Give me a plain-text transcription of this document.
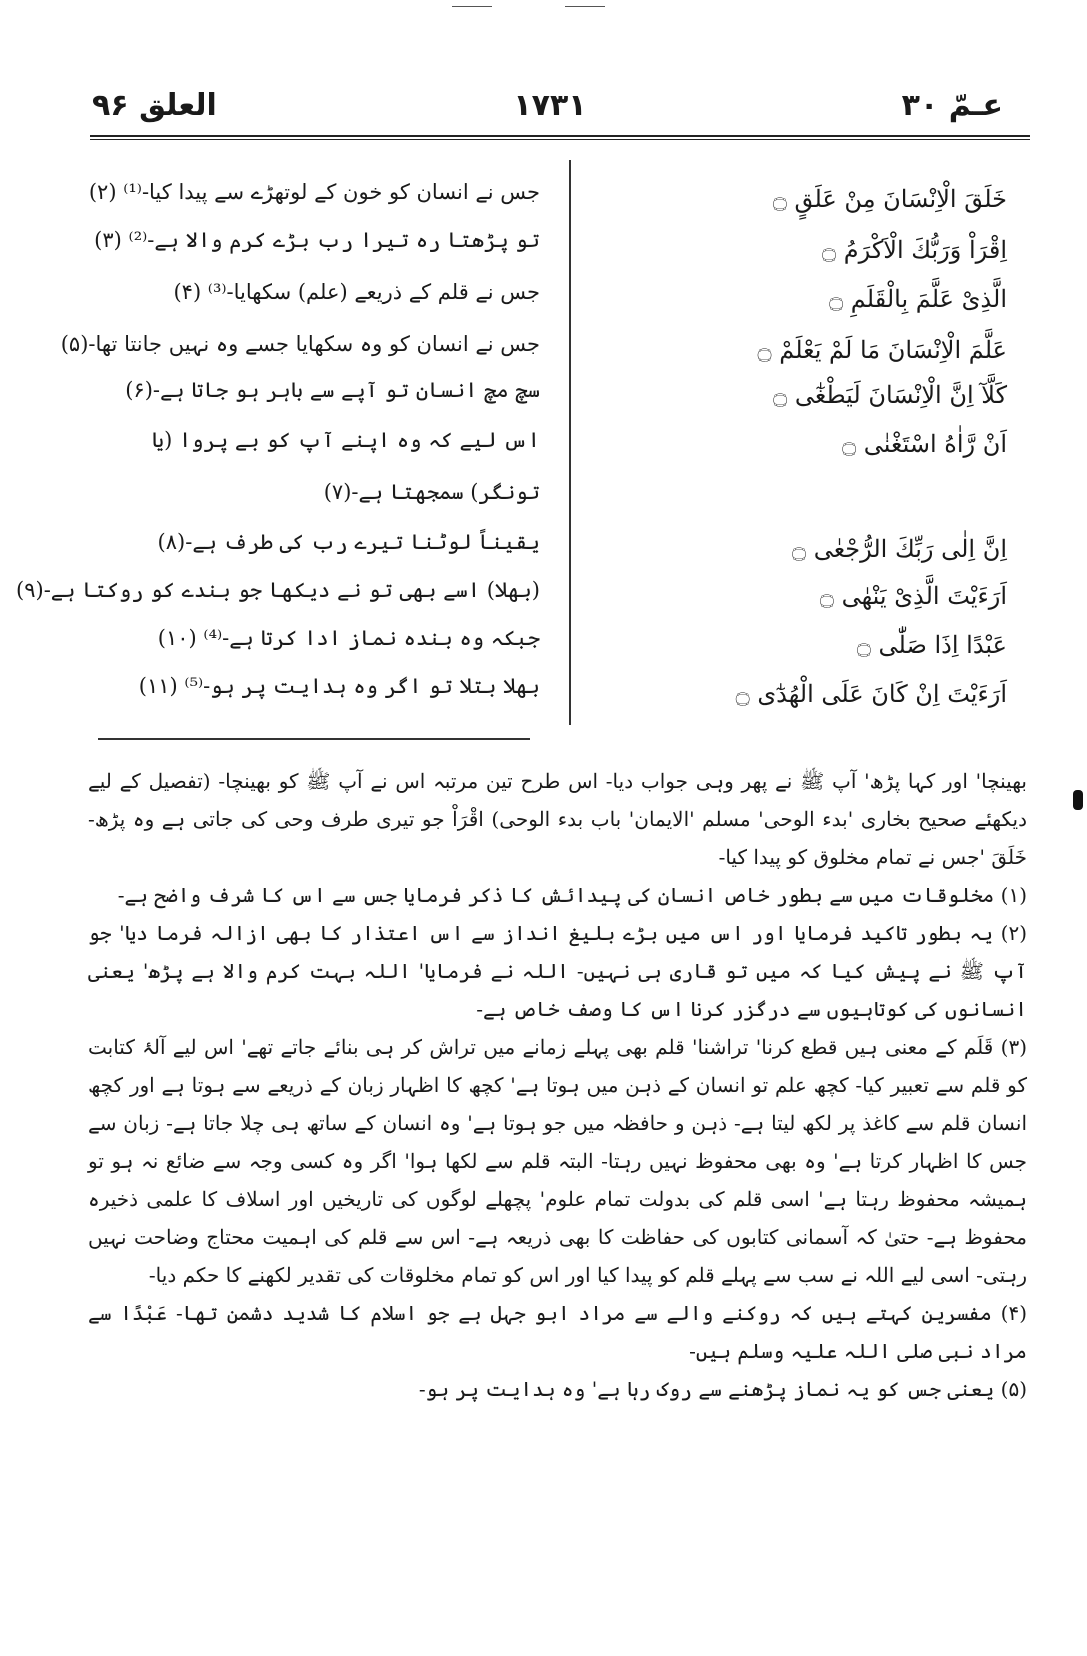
عـمّ ۳۰
۱۷۳۱
العلق ۹۶
خَلَقَ الْاِنْسَانَ مِنْ عَلَقٍ ۝
اِقْرَاْ وَرَبُّكَ الْاَكْرَمُ ۝
الَّذِىْ عَلَّمَ بِالْقَلَمِ ۝
عَلَّمَ الْاِنْسَانَ مَا لَمْ يَعْلَمْ ۝
كَلَّآ اِنَّ الْاِنْسَانَ لَيَطْغٰٓى ۝
اَنْ رَّاٰهُ اسْتَغْنٰى ۝
اِنَّ اِلٰى رَبِّكَ الرُّجْعٰى ۝
اَرَءَيْتَ الَّذِىْ يَنْهٰى ۝
عَبْدًا اِذَا صَلّٰى ۝
اَرَءَيْتَ اِنْ كَانَ عَلَى الْهُدٰٓى ۝
جس نے انسان کو خون کے لوتھڑے سے پیدا کیا-⁽¹⁾ (۲)
تو پڑھتا رہ تیرا رب بڑے کرم والا ہے-⁽²⁾ (۳)
جس نے قلم کے ذریعے (علم) سکھایا-⁽³⁾ (۴)
جس نے انسان کو وہ سکھایا جسے وہ نہیں جانتا تھا-(۵)
سچ مچ انسان تو آپے سے باہر ہو جاتا ہے-(۶)
اس لیے کہ وہ اپنے آپ کو بے پروا (یا تونگر) سمجھتا ہے-(۷)
یقیناً لوٹنا تیرے رب کی طرف ہے-(۸)
(بھلا) اسے بھی تو نے دیکھا جو بندے کو روکتا ہے-(۹)
جبکہ وہ بندہ نماز ادا کرتا ہے-⁽⁴⁾ (۱۰)
بھلا بتلا تو اگر وہ ہدایت پر ہو-⁽⁵⁾ (۱۱)

بھینچا' اور کہا پڑھ' آپ ﷺ نے پھر وہی جواب دیا- اس طرح تین مرتبہ اس نے آپ ﷺ کو بھینچا- (تفصیل کے لیے دیکھئے صحیح بخاری 'بدء الوحی' مسلم 'الایمان' باب بدء الوحی) اقْرَاْ جو تیری طرف وحی کی جاتی ہے وہ پڑھ- خَلَقَ 'جس نے تمام مخلوق کو پیدا کیا-

(۱) مخلوقات میں سے بطور خاص انسان کی پیدائش کا ذکر فرمایا جس سے اس کا شرف واضح ہے-

(۲) یہ بطور تاکید فرمایا اور اس میں بڑے بلیغ انداز سے اس اعتذار کا بھی ازالہ فرما دیا' جو آپ ﷺ نے پیش کیا کہ میں تو قاری ہی نہیں- اللہ نے فرمایا' اللہ بہت کرم والا ہے پڑھ' یعنی انسانوں کی کوتاہیوں سے درگزر کرنا اس کا وصف خاص ہے-

(۳) قَلَم کے معنی ہیں قطع کرنا' تراشنا' قلم بھی پہلے زمانے میں تراش کر ہی بنائے جاتے تھے' اس لیے آلۂ کتابت کو قلم سے تعبیر کیا- کچھ علم تو انسان کے ذہن میں ہوتا ہے' کچھ کا اظہار زبان کے ذریعے سے ہوتا ہے اور کچھ انسان قلم سے کاغذ پر لکھ لیتا ہے- ذہن و حافظہ میں جو ہوتا ہے' وہ انسان کے ساتھ ہی چلا جاتا ہے- زبان سے جس کا اظہار کرتا ہے' وہ بھی محفوظ نہیں رہتا- البتہ قلم سے لکھا ہوا' اگر وہ کسی وجہ سے ضائع نہ ہو تو ہمیشہ محفوظ رہتا ہے' اسی قلم کی بدولت تمام علوم' پچھلے لوگوں کی تاریخیں اور اسلاف کا علمی ذخیرہ محفوظ ہے- حتیٰ کہ آسمانی کتابوں کی حفاظت کا بھی ذریعہ ہے- اس سے قلم کی اہمیت محتاج وضاحت نہیں رہتی- اسی لیے اللہ نے سب سے پہلے قلم کو پیدا کیا اور اس کو تمام مخلوقات کی تقدیر لکھنے کا حکم دیا-

(۴) مفسرین کہتے ہیں کہ روکنے والے سے مراد ابو جہل ہے جو اسلام کا شدید دشمن تھا- عَبْدًا سے مراد نبی صلی اللہ علیہ وسلم ہیں-

(۵) یعنی جس کو یہ نماز پڑھنے سے روک رہا ہے' وہ ہدایت پر ہو-
